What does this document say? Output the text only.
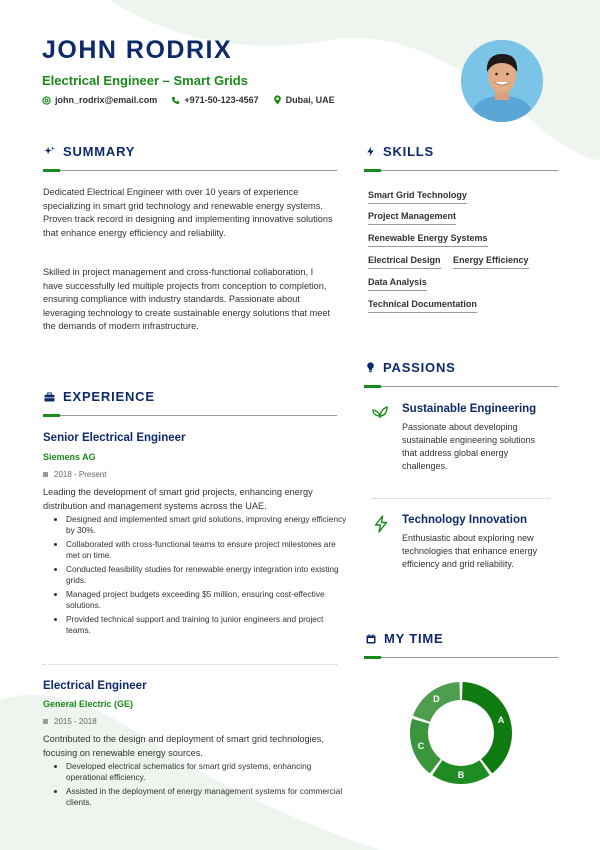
JOHN RODRIX
Electrical Engineer – Smart Grids
john_rodrix@email.com	+971-50-123-4567	Dubai, UAE
SUMMARY

Dedicated Electrical Engineer with over 10 years of experience specializing in smart grid technology and renewable energy systems. Proven track record in designing and implementing innovative solutions that enhance energy efficiency and reliability.

Skilled in project management and cross-functional collaboration, I have successfully led multiple projects from conception to completion, ensuring compliance with industry standards. Passionate about leveraging technology to create sustainable energy solutions that meet the demands of modern infrastructure.

EXPERIENCE
Senior Electrical Engineer
Siemens AG
2018 - Present

Leading the development of smart grid projects, enhancing energy distribution and management systems across the UAE.

• Designed and implemented smart grid solutions, improving energy efficiency by 30%.
• Collaborated with cross-functional teams to ensure project milestones are met on time.
• Conducted feasibility studies for renewable energy integration into existing grids.
• Managed project budgets exceeding $5 million, ensuring cost-effective solutions.
• Provided technical support and training to junior engineers and project teams.
Electrical Engineer
General Electric (GE)
2015 - 2018

Contributed to the design and deployment of smart grid technologies, focusing on renewable energy sources.

• Developed electrical schematics for smart grid systems, enhancing operational efficiency.
• Assisted in the deployment of energy management systems for commercial clients.
SKILLS
Smart Grid Technology
Project Management
Renewable Energy Systems
Electrical Design Energy Efficiency
Data Analysis
Technical Documentation
PASSIONS
Sustainable Engineering

Passionate about developing sustainable engineering solutions that address global energy challenges.

Technology Innovation

Enthusiastic about exploring new technologies that enhance energy efficiency and grid reliability.

MY TIME
A
B
C
D
